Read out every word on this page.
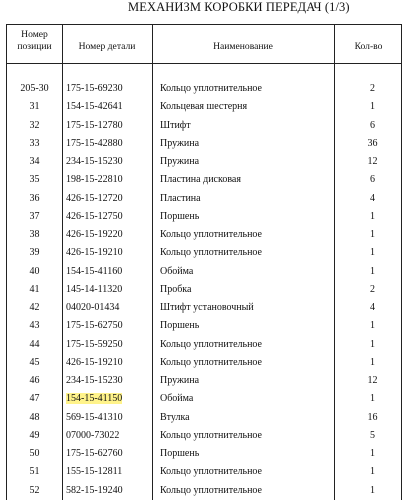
МЕХАНИЗМ КОРОБКИ ПЕРЕДАЧ (1/3)
Номер
позиции	Номер детали	Наименование	Кол-во
205-30	175-15-69230	Кольцо уплотнительное	2
31	154-15-42641	Кольцевая шестерня	1
32	175-15-12780	Штифт	6
33	175-15-42880	Пружина	36
34	234-15-15230	Пружина	12
35	198-15-22810	Пластина дисковая	6
36	426-15-12720	Пластина	4
37	426-15-12750	Поршень	1
38	426-15-19220	Кольцо уплотнительное	1
39	426-15-19210	Кольцо уплотнительное	1
40	154-15-41160	Обойма	1
41	145-14-11320	Пробка	2
42	04020-01434	Штифт установочный	4
43	175-15-62750	Поршень	1
44	175-15-59250	Кольцо уплотнительное	1
45	426-15-19210	Кольцо уплотнительное	1
46	234-15-15230	Пружина	12
47	154-15-41150	Обойма	1
48	569-15-41310	Втулка	16
49	07000-73022	Кольцо уплотнительное	5
50	175-15-62760	Поршень	1
51	155-15-12811	Кольцо уплотнительное	1
52	582-15-19240	Кольцо уплотнительное	1
